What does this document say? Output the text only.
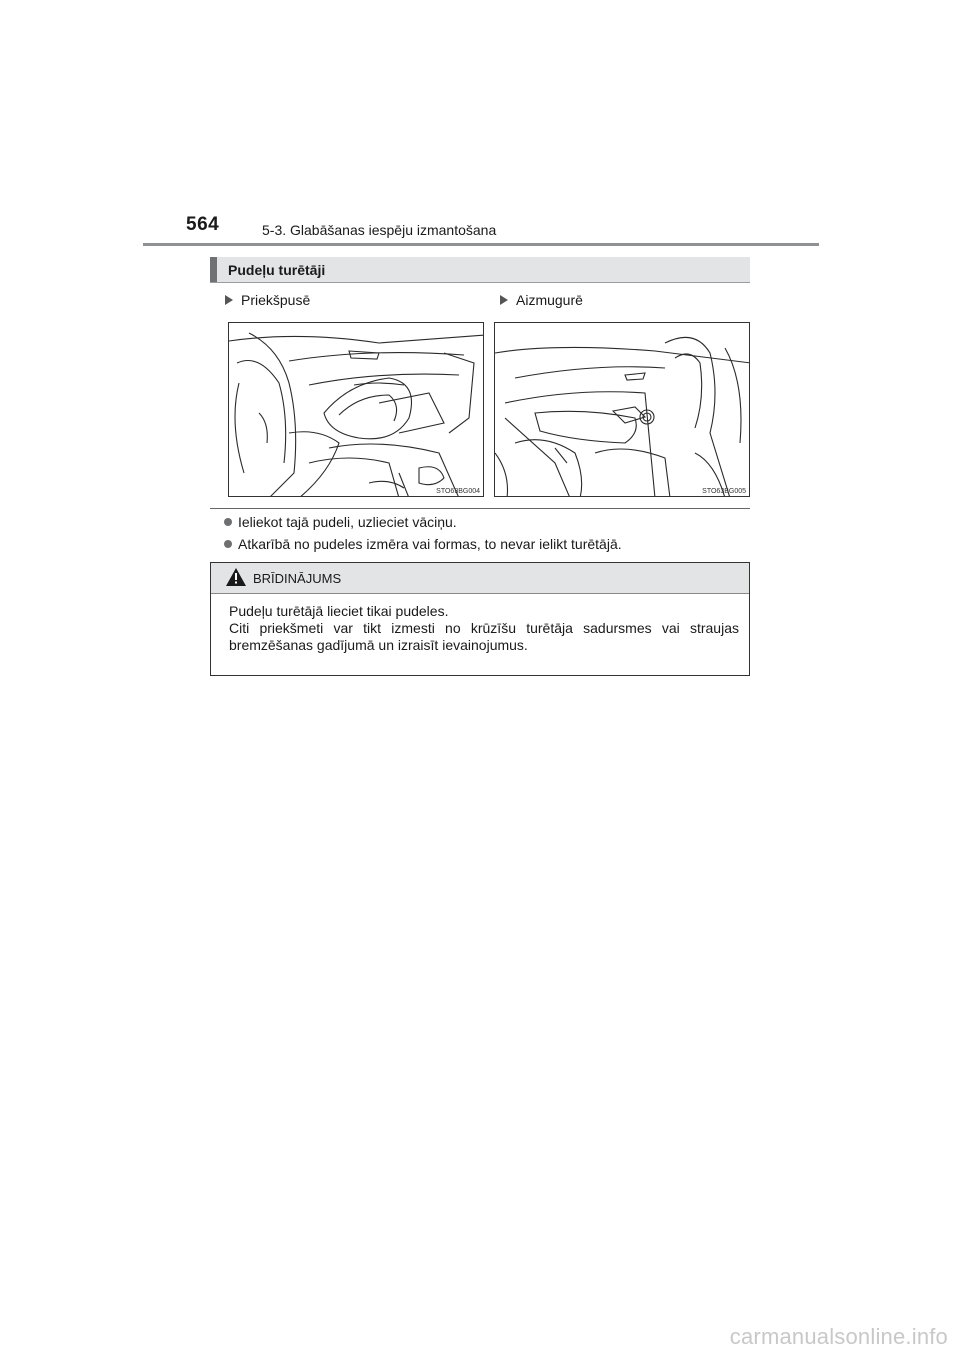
564	5-3. Glabāšanas iespēju izmantošana
Pudeļu turētāji
Priekšpusē	Aizmugurē
STO63BG004	STO63BG005
Ieliekot tajā pudeli, uzlieciet vāciņu.
Atkarībā no pudeles izmēra vai formas, to nevar ielikt turētājā.
BRĪDINĀJUMS
Pudeļu turētājā lieciet tikai pudeles.
Citi priekšmeti var tikt izmesti no krūzīšu turētāja sadursmes vai straujas
bremzēšanas gadījumā un izraisīt ievainojumus.
carmanualsonline.info
